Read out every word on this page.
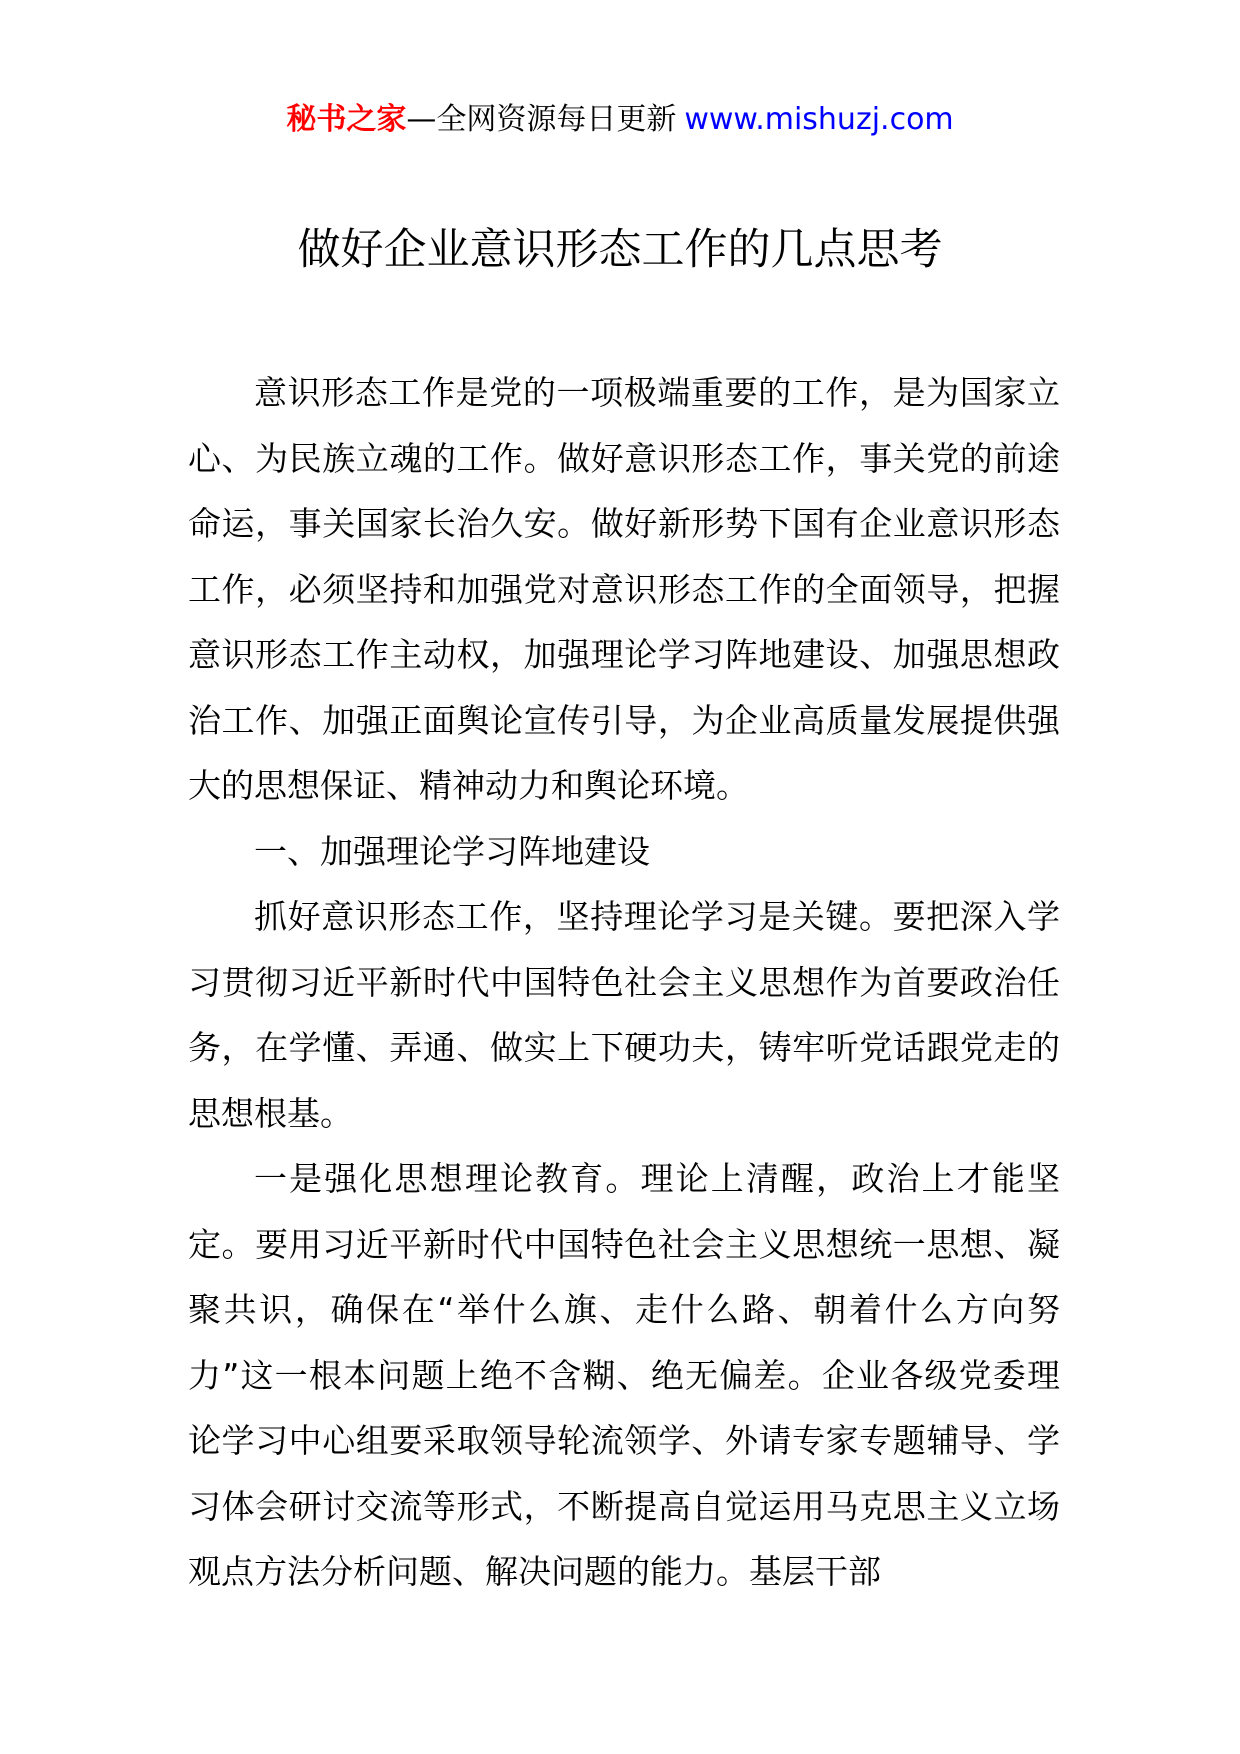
秘书之家—全网资源每日更新 www.mishuzj.com
做好企业意识形态工作的几点思考

意识形态工作是党的一项极端重要的工作，是为国家立心、为民族立魂的工作。做好意识形态工作，事关党的前途命运，事关国家长治久安。做好新形势下国有企业意识形态工作，必须坚持和加强党对意识形态工作的全面领导，把握意识形态工作主动权，加强理论学习阵地建设、加强思想政治工作、加强正面舆论宣传引导，为企业高质量发展提供强大的思想保证、精神动力和舆论环境。

一、加强理论学习阵地建设

抓好意识形态工作，坚持理论学习是关键。要把深入学习贯彻习近平新时代中国特色社会主义思想作为首要政治任务，在学懂、弄通、做实上下硬功夫，铸牢听党话跟党走的思想根基。

一是强化思想理论教育。理论上清醒，政治上才能坚定。要用习近平新时代中国特色社会主义思想统一思想、凝聚共识，确保在“举什么旗、走什么路、朝着什么方向努力”这一根本问题上绝不含糊、绝无偏差。企业各级党委理论学习中心组要采取领导轮流领学、外请专家专题辅导、学习体会研讨交流等形式，不断提高自觉运用马克思主义立场观点方法分析问题、解决问题的能力。基层干部
